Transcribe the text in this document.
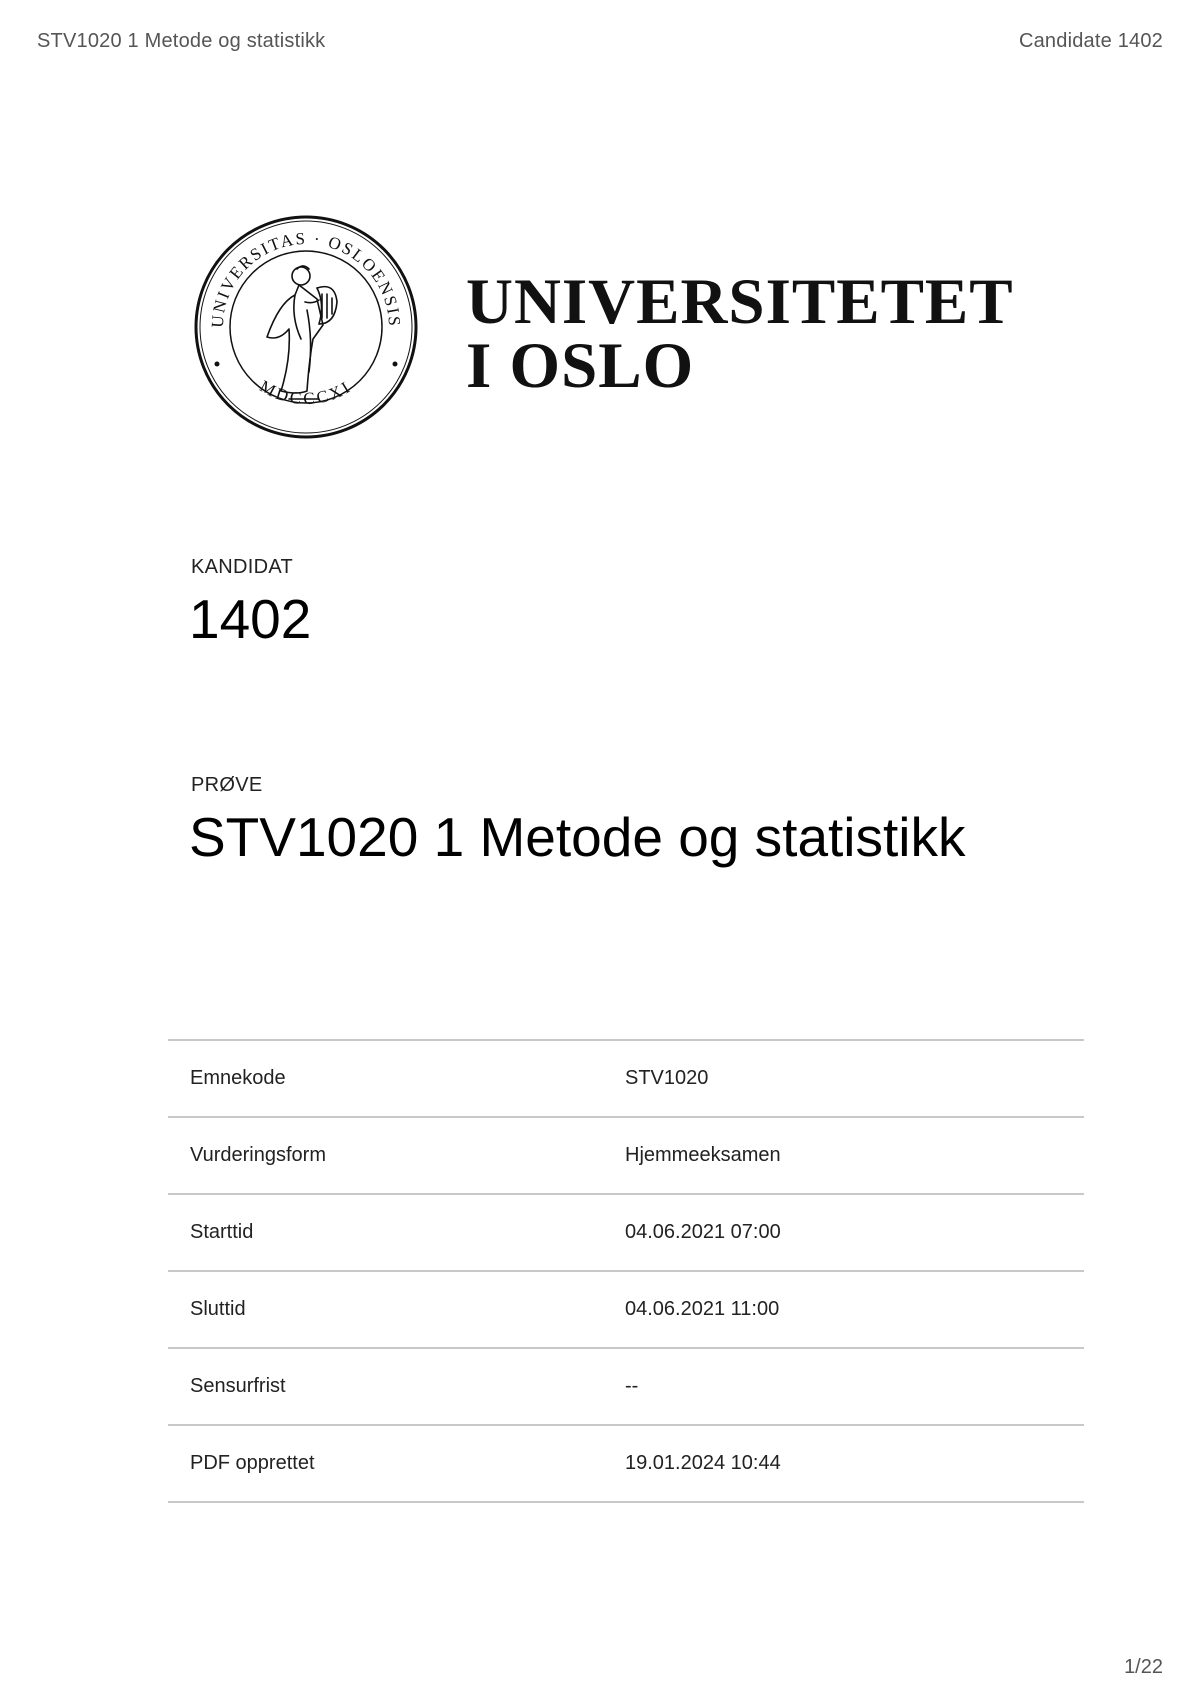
STV1020 1 Metode og statistikk	Candidate 1402
UNIVERSITAS · OSLOENSIS
MDCCCXI
UNIVERSITETET
I OSLO
KANDIDAT
1402
PRØVE
STV1020 1 Metode og statistikk
Emnekode	STV1020
Vurderingsform	Hjemmeeksamen
Starttid	04.06.2021 07:00
Sluttid	04.06.2021 11:00
Sensurfrist	--
PDF opprettet	19.01.2024 10:44
1/22
